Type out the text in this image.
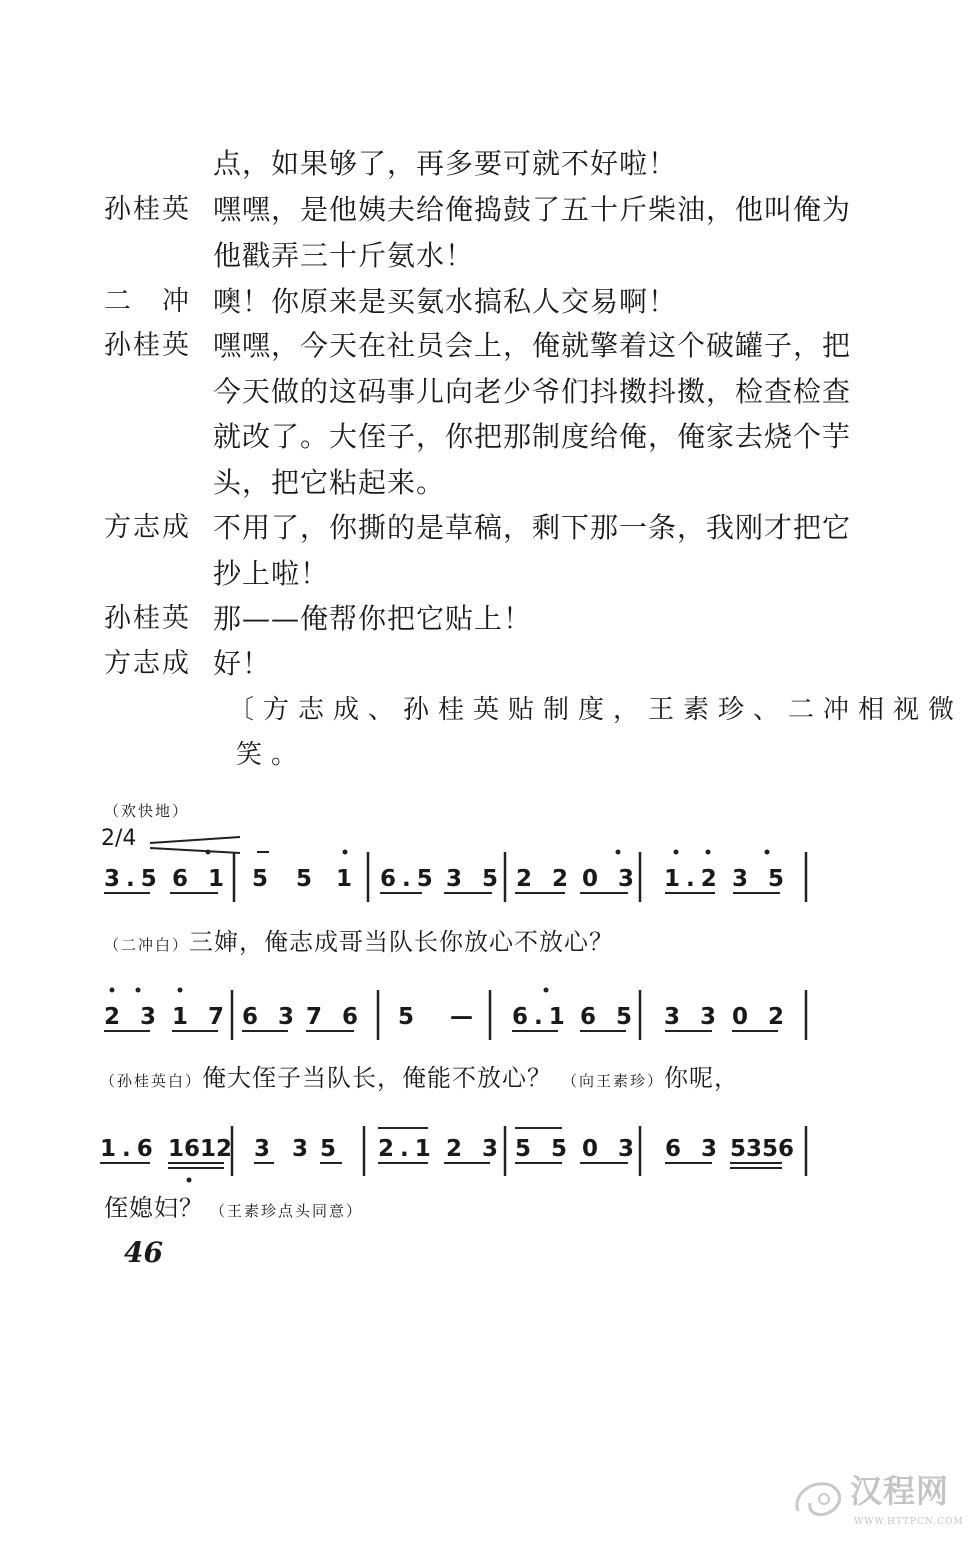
点，如果够了，再多要可就不好啦！
孙桂英 嘿嘿，是他姨夫给俺捣鼓了五十斤柴油，他叫俺为
他戳弄三十斤氨水！
二　冲 噢！你原来是买氨水搞私人交易啊！
孙桂英 嘿嘿，今天在社员会上，俺就擎着这个破罐子，把
今天做的这码事儿向老少爷们抖擞抖擞，检查检查
就改了。大侄子，你把那制度给俺，俺家去烧个芋
头，把它粘起来。
方志成 不用了，你撕的是草稿，剩下那一条，我刚才把它
抄上啦！
孙桂英 那——俺帮你把它贴上！
方志成 好！
〔方志成、孙桂英贴制度，王素珍、二冲相视微
笑。
（欢快地）
2/4
3.5 6 1 5 5 1 6.5 3 5 2 2 0 3 1.2 3 5
2 3 1 7 6 3 7 6 5 — 6.1 6 5 3 3 0 2
1.6 1612 3 3 5 2.1 2 3 5 5 0 3 6 3 5356
（二冲白）三婶，俺志成哥当队长你放心不放心？
（孙桂英白）俺大侄子当队长，俺能不放心？ （向王素珍）你呢，
侄媳妇？ （王素珍点头同意）
46
汉程网
WWW.HTTPCN.COM
